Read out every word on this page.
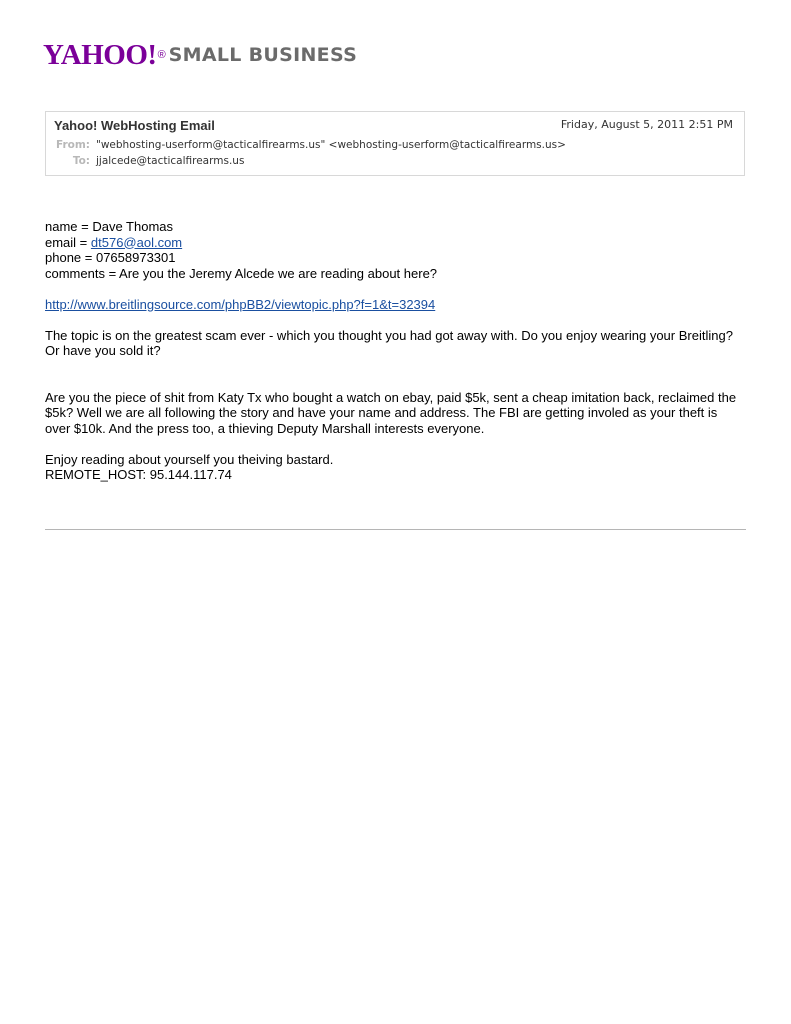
YAHOO! ® SMALL BUSINESS
Yahoo! WebHosting Email	Friday, August 5, 2011 2:51 PM
From: "webhosting-userform@tacticalfirearms.us" <webhosting-userform@tacticalfirearms.us>
To: jjalcede@tacticalfirearms.us

name = Dave Thomas

email = dt576@aol.com

phone = 07658973301

comments = Are you the Jeremy Alcede we are reading about here?

http://www.breitlingsource.com/phpBB2/viewtopic.php?f=1&t=32394

The topic is on the greatest scam ever - which you thought you had got away with. Do you enjoy wearing your Breitling? Or have you sold it?

Are you the piece of shit from Katy Tx who bought a watch on ebay, paid $5k, sent a cheap imitation back, reclaimed the $5k? Well we are all following the story and have your name and address. The FBI are getting involed as your theft is over $10k. And the press too, a thieving Deputy Marshall interests everyone.

Enjoy reading about yourself you theiving bastard.

REMOTE_HOST: 95.144.117.74
